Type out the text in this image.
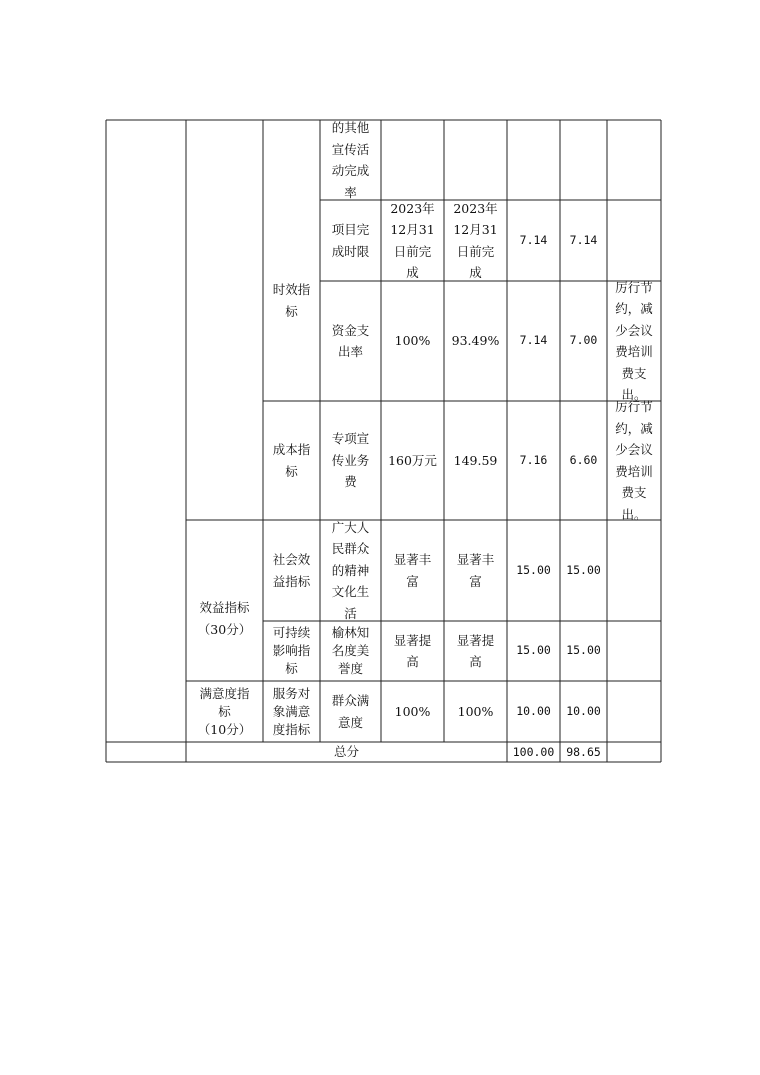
的其他
宣传活
动完成
率
项目完
成时限
2023年
12月31
日前完
成
2023年
12月31
日前完
成
7.14 7.14
时效指
标
资金支
出率
100% 93.49% 7.14 7.00
厉行节
约，减
少会议
费培训
费支
出。
成本指
标
专项宣
传业务
费
160万元 149.59 7.16 6.60
厉行节
约，减
少会议
费培训
费支
出。
效益指标
（30分）
社会效
益指标
广大人
民群众
的精神
文化生
活
显著丰
富
显著丰
富
15.00 15.00
可持续
影响指
标
榆林知
名度美
誉度
显著提
高
显著提
高
15.00 15.00
满意度指
标
（10分）
服务对
象满意
度指标
群众满
意度
100% 100% 10.00 10.00
总分	100.00 98.65
